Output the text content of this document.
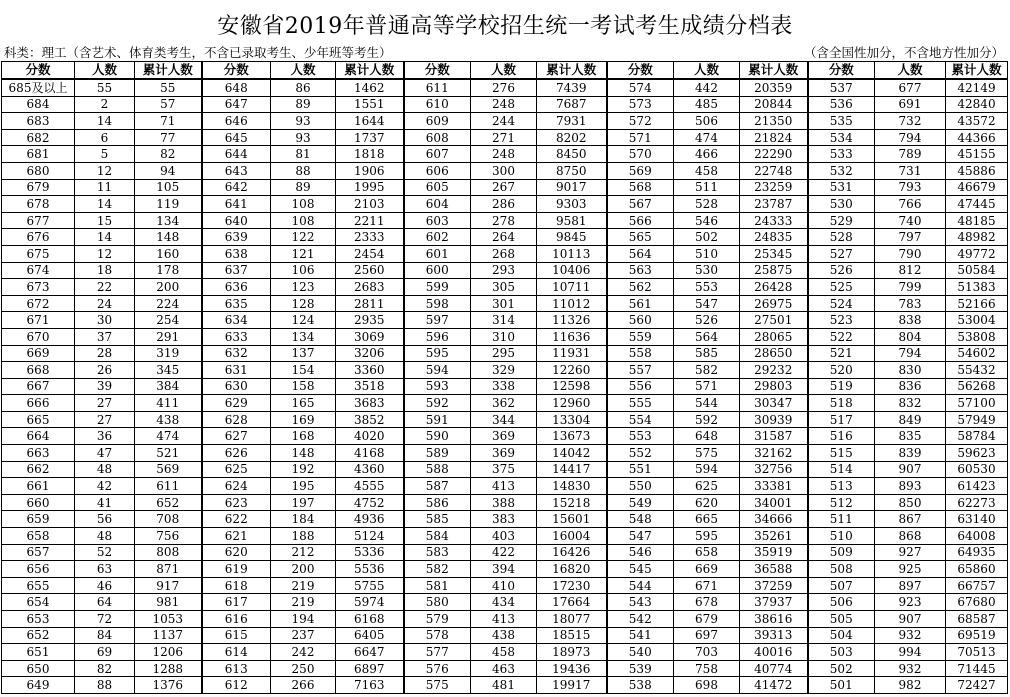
安徽省2019年普通高等学校招生统一考试考生成绩分档表
科类：理工（含艺术、体育类考生，不含已录取考生、少年班等考生）	（含全国性加分，不含地方性加分）
分数	人数	累计人数	分数	人数	累计人数	分数	人数	累计人数	分数	人数	累计人数	分数	人数	累计人数
685及以上	55	55	648	86	1462	611	276	7439	574	442	20359	537	677	42149
684	2	57	647	89	1551	610	248	7687	573	485	20844	536	691	42840
683	14	71	646	93	1644	609	244	7931	572	506	21350	535	732	43572
682	6	77	645	93	1737	608	271	8202	571	474	21824	534	794	44366
681	5	82	644	81	1818	607	248	8450	570	466	22290	533	789	45155
680	12	94	643	88	1906	606	300	8750	569	458	22748	532	731	45886
679	11	105	642	89	1995	605	267	9017	568	511	23259	531	793	46679
678	14	119	641	108	2103	604	286	9303	567	528	23787	530	766	47445
677	15	134	640	108	2211	603	278	9581	566	546	24333	529	740	48185
676	14	148	639	122	2333	602	264	9845	565	502	24835	528	797	48982
675	12	160	638	121	2454	601	268	10113	564	510	25345	527	790	49772
674	18	178	637	106	2560	600	293	10406	563	530	25875	526	812	50584
673	22	200	636	123	2683	599	305	10711	562	553	26428	525	799	51383
672	24	224	635	128	2811	598	301	11012	561	547	26975	524	783	52166
671	30	254	634	124	2935	597	314	11326	560	526	27501	523	838	53004
670	37	291	633	134	3069	596	310	11636	559	564	28065	522	804	53808
669	28	319	632	137	3206	595	295	11931	558	585	28650	521	794	54602
668	26	345	631	154	3360	594	329	12260	557	582	29232	520	830	55432
667	39	384	630	158	3518	593	338	12598	556	571	29803	519	836	56268
666	27	411	629	165	3683	592	362	12960	555	544	30347	518	832	57100
665	27	438	628	169	3852	591	344	13304	554	592	30939	517	849	57949
664	36	474	627	168	4020	590	369	13673	553	648	31587	516	835	58784
663	47	521	626	148	4168	589	369	14042	552	575	32162	515	839	59623
662	48	569	625	192	4360	588	375	14417	551	594	32756	514	907	60530
661	42	611	624	195	4555	587	413	14830	550	625	33381	513	893	61423
660	41	652	623	197	4752	586	388	15218	549	620	34001	512	850	62273
659	56	708	622	184	4936	585	383	15601	548	665	34666	511	867	63140
658	48	756	621	188	5124	584	403	16004	547	595	35261	510	868	64008
657	52	808	620	212	5336	583	422	16426	546	658	35919	509	927	64935
656	63	871	619	200	5536	582	394	16820	545	669	36588	508	925	65860
655	46	917	618	219	5755	581	410	17230	544	671	37259	507	897	66757
654	64	981	617	219	5974	580	434	17664	543	678	37937	506	923	67680
653	72	1053	616	194	6168	579	413	18077	542	679	38616	505	907	68587
652	84	1137	615	237	6405	578	438	18515	541	697	39313	504	932	69519
651	69	1206	614	242	6647	577	458	18973	540	703	40016	503	994	70513
650	82	1288	613	250	6897	576	463	19436	539	758	40774	502	932	71445
649	88	1376	612	266	7163	575	481	19917	538	698	41472	501	982	72427
